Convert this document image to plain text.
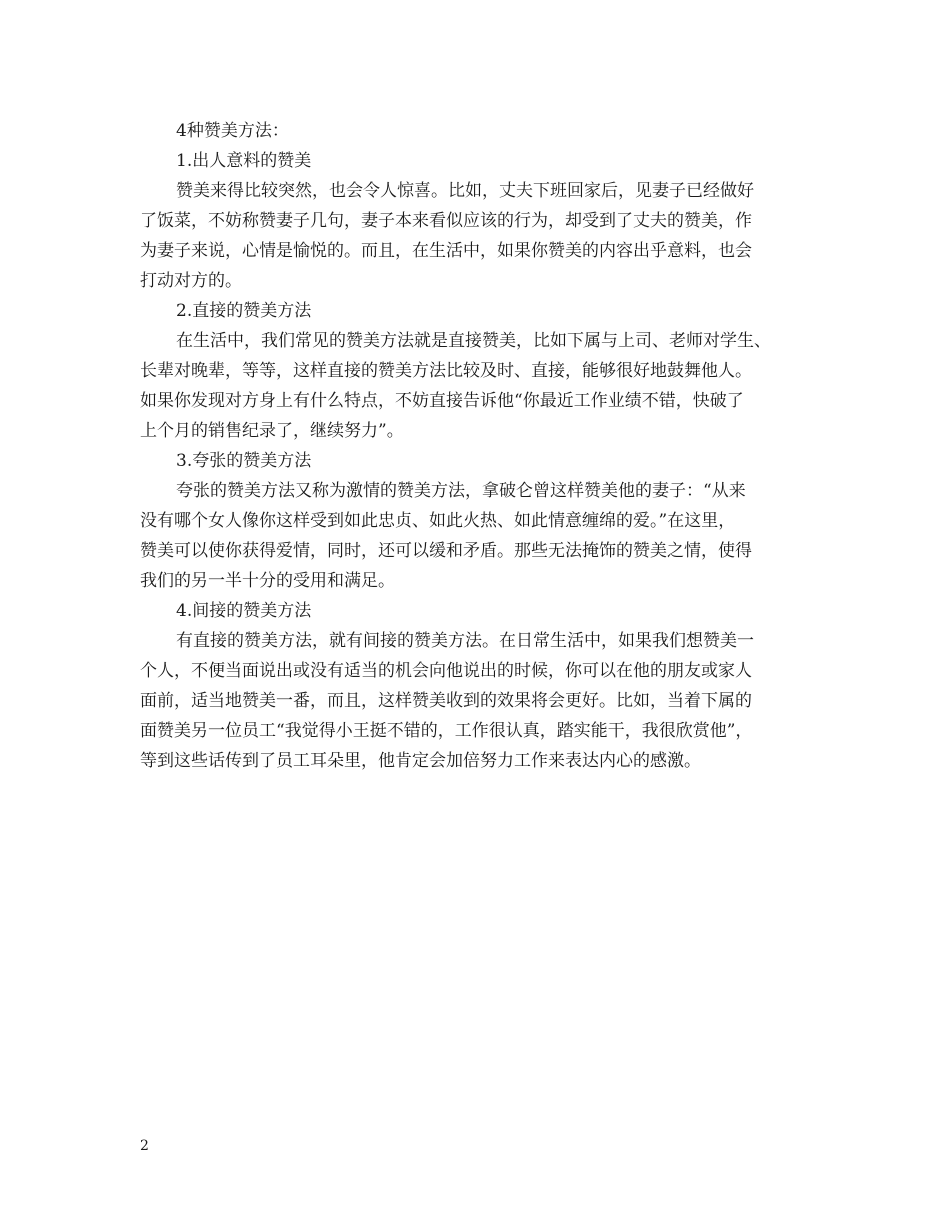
4种赞美方法：
1.出人意料的赞美
赞美来得比较突然，也会令人惊喜。比如，丈夫下班回家后，见妻子已经做好
了饭菜，不妨称赞妻子几句，妻子本来看似应该的行为，却受到了丈夫的赞美，作
为妻子来说，心情是愉悦的。而且，在生活中，如果你赞美的内容出乎意料，也会
打动对方的。
2.直接的赞美方法
在生活中，我们常见的赞美方法就是直接赞美，比如下属与上司、老师对学生、
长辈对晚辈，等等，这样直接的赞美方法比较及时、直接，能够很好地鼓舞他人。
如果你发现对方身上有什么特点，不妨直接告诉他“你最近工作业绩不错，快破了
上个月的销售纪录了，继续努力”。
3.夸张的赞美方法
夸张的赞美方法又称为激情的赞美方法，拿破仑曾这样赞美他的妻子：“从来
没有哪个女人像你这样受到如此忠贞、如此火热、如此情意缠绵的爱。”在这里，
赞美可以使你获得爱情，同时，还可以缓和矛盾。那些无法掩饰的赞美之情，使得
我们的另一半十分的受用和满足。
4.间接的赞美方法
有直接的赞美方法，就有间接的赞美方法。在日常生活中，如果我们想赞美一
个人，不便当面说出或没有适当的机会向他说出的时候，你可以在他的朋友或家人
面前，适当地赞美一番，而且，这样赞美收到的效果将会更好。比如，当着下属的
面赞美另一位员工“我觉得小王挺不错的，工作很认真，踏实能干，我很欣赏他”，
等到这些话传到了员工耳朵里，他肯定会加倍努力工作来表达内心的感激。
2
